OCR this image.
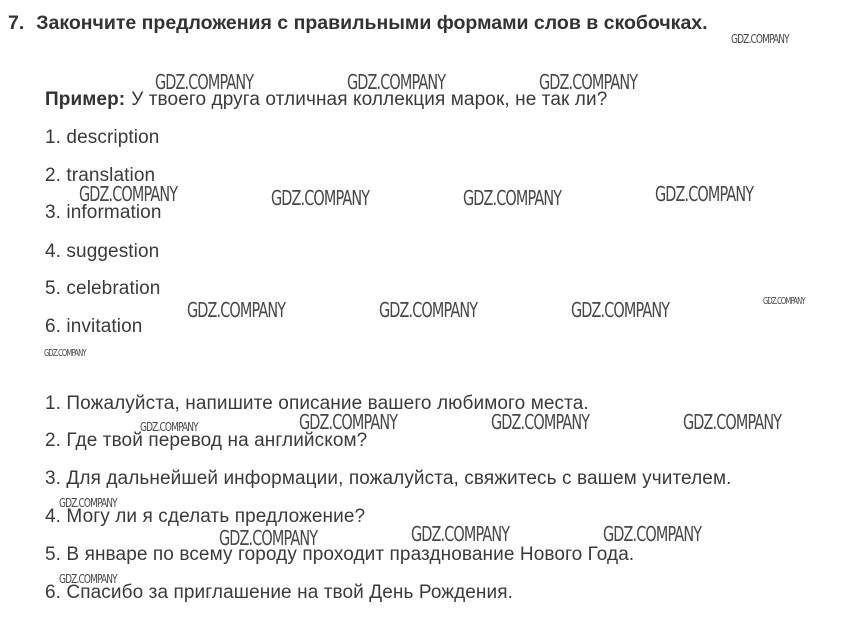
7. Закончите предложения с правильными формами слов в скобочках.
Пример: У твоего друга отличная коллекция марок, не так ли?
1. description
2. translation
3. information
4. suggestion
5. celebration
6. invitation
1. Пожалуйста, напишите описание вашего любимого места.
2. Где твой перевод на английском?
3. Для дальнейшей информации, пожалуйста, свяжитесь с вашем учителем.
4. Могу ли я сделать предложение?
5. В январе по всему городу проходит празднование Нового Года.
6. Спасибо за приглашение на твой День Рождения.
GDZ.COMPANY
GDZ.COMPANY	GDZ.COMPANY	GDZ.COMPANY
GDZ.COMPANY	GDZ.COMPANY	GDZ.COMPANY	GDZ.COMPANY
GDZ.COMPANY	GDZ.COMPANY	GDZ.COMPANY	GDZ.COMPANY
GDZ.COMPANY
GDZ.COMPANY	GDZ.COMPANY	GDZ.COMPANY	GDZ.COMPANY
GDZ.COMPANY
GDZ.COMPANY	GDZ.COMPANY	GDZ.COMPANY
GDZ.COMPANY
